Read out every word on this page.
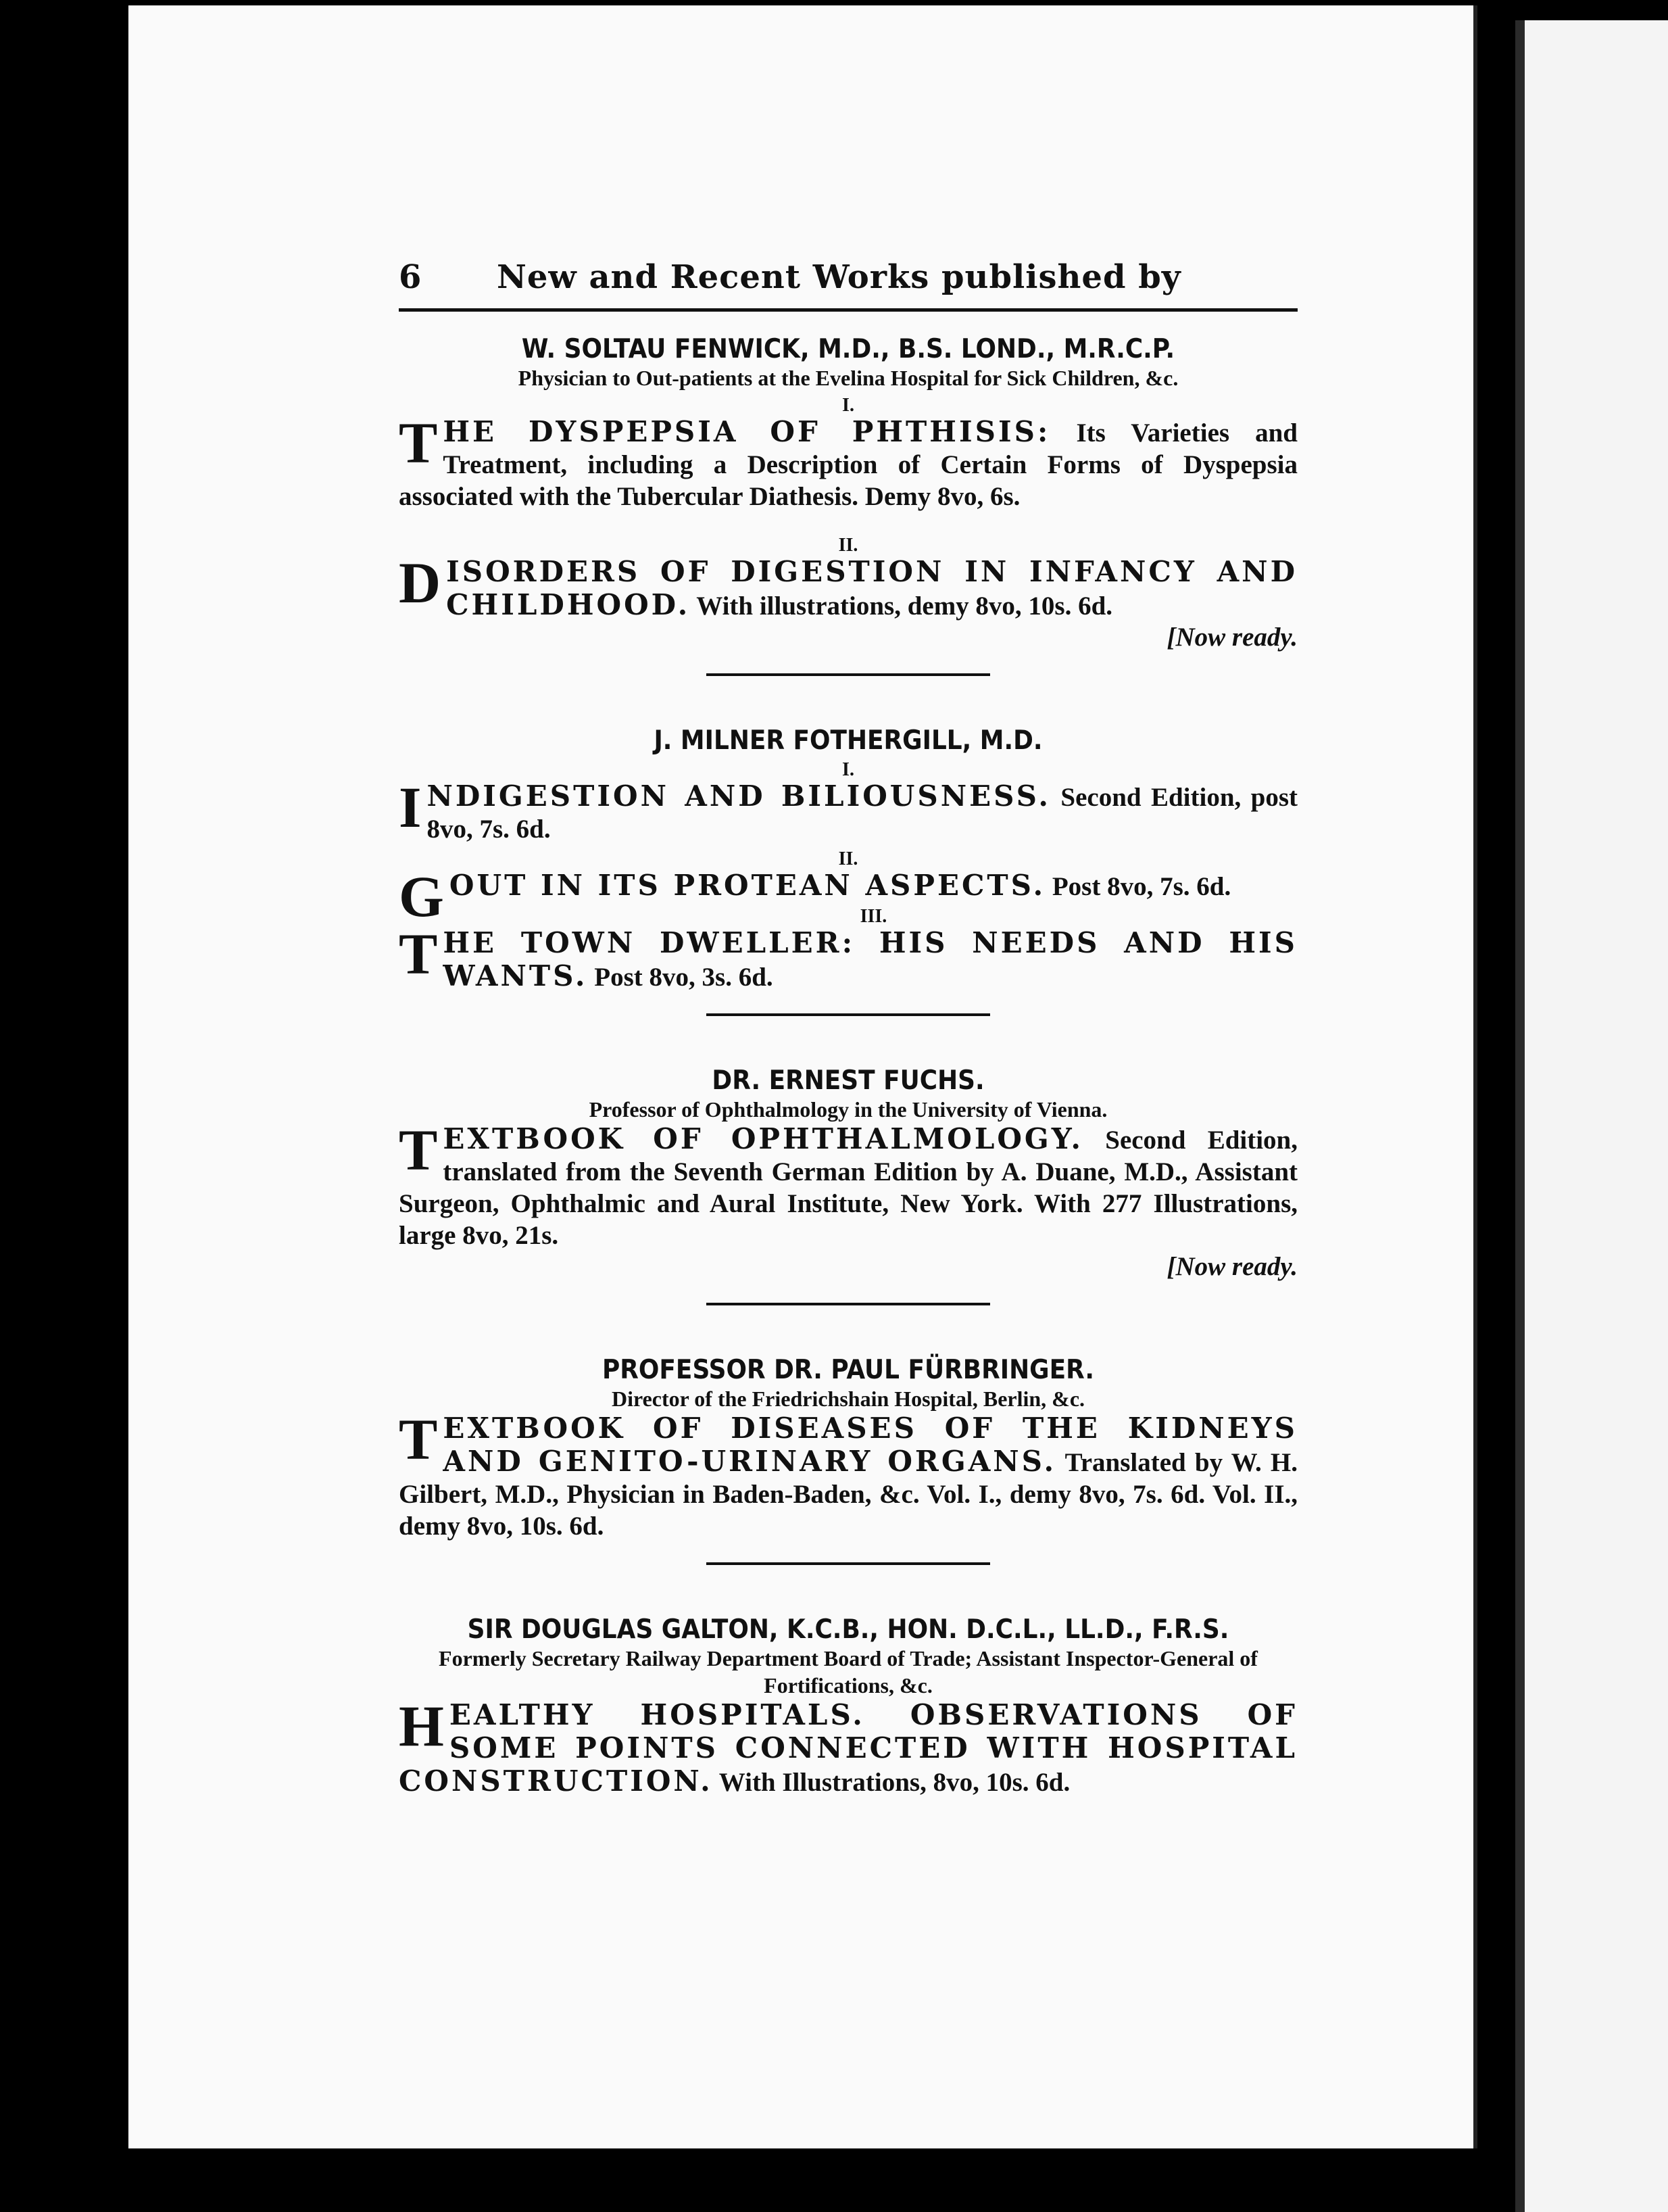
6 New and Recent Works published by
W. SOLTAU FENWICK, M.D., B.S. LOND., M.R.C.P.
Physician to Out-patients at the Evelina Hospital for Sick Children, &c.
I.
THE DYSPEPSIA OF PHTHISIS: Its Varieties and Treatment, including a Description of Certain Forms of Dyspepsia associated with the Tubercular Diathesis. Demy 8vo, 6s.
II.
DISORDERS OF DIGESTION IN INFANCY AND CHILDHOOD. With illustrations, demy 8vo, 10s. 6d.
[Now ready.
J. MILNER FOTHERGILL, M.D.
I.
INDIGESTION AND BILIOUSNESS. Second Edition, post 8vo, 7s. 6d.
II.
GOUT IN ITS PROTEAN ASPECTS. Post 8vo, 7s. 6d.
III.
THE TOWN DWELLER: HIS NEEDS AND HIS WANTS. Post 8vo, 3s. 6d.
DR. ERNEST FUCHS.
Professor of Ophthalmology in the University of Vienna.
TEXTBOOK OF OPHTHALMOLOGY. Second Edition, translated from the Seventh German Edition by A. Duane, M.D., Assistant Surgeon, Ophthalmic and Aural Institute, New York. With 277 Illustrations, large 8vo, 21s.
[Now ready.
PROFESSOR DR. PAUL FÜRBRINGER.
Director of the Friedrichshain Hospital, Berlin, &c.
TEXTBOOK OF DISEASES OF THE KIDNEYS AND GENITO-URINARY ORGANS. Translated by W. H. Gilbert, M.D., Physician in Baden-Baden, &c. Vol. I., demy 8vo, 7s. 6d. Vol. II., demy 8vo, 10s. 6d.
SIR DOUGLAS GALTON, K.C.B., HON. D.C.L., LL.D., F.R.S.
Formerly Secretary Railway Department Board of Trade; Assistant Inspector-General of Fortifications, &c.
HEALTHY HOSPITALS. OBSERVATIONS OF SOME POINTS CONNECTED WITH HOSPITAL CONSTRUCTION. With Illustrations, 8vo, 10s. 6d.
